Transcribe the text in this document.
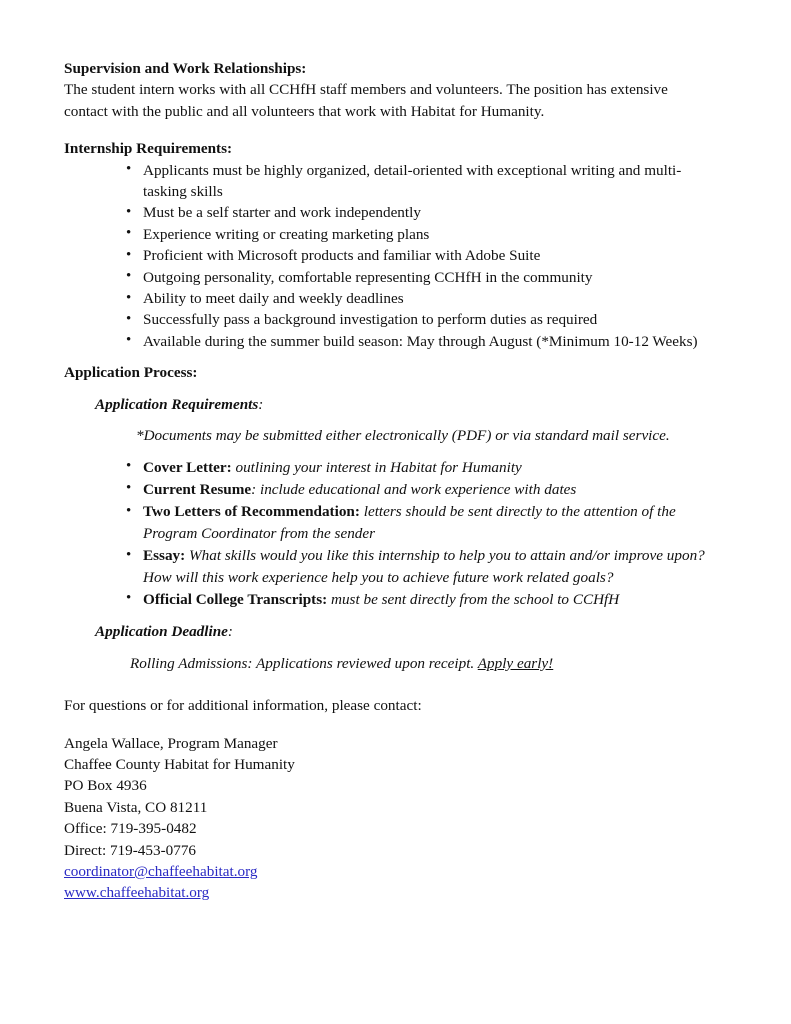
Supervision and Work Relationships:

The student intern works with all CCHfH staff members and volunteers. The position has extensive contact with the public and all volunteers that work with Habitat for Humanity.

Internship Requirements:

• Applicants must be highly organized, detail-oriented with exceptional writing and multi-tasking skills
• Must be a self starter and work independently
• Experience writing or creating marketing plans
• Proficient with Microsoft products and familiar with Adobe Suite
• Outgoing personality, comfortable representing CCHfH in the community
• Ability to meet daily and weekly deadlines
• Successfully pass a background investigation to perform duties as required
• Available during the summer build season: May through August (*Minimum 10-12 Weeks)

Application Process:

Application Requirements:

*Documents may be submitted either electronically (PDF) or via standard mail service.

• Cover Letter: outlining your interest in Habitat for Humanity
• Current Resume: include educational and work experience with dates
• Two Letters of Recommendation: letters should be sent directly to the attention of the Program Coordinator from the sender
• Essay: What skills would you like this internship to help you to attain and/or improve upon? How will this work experience help you to achieve future work related goals?
• Official College Transcripts: must be sent directly from the school to CCHfH

Application Deadline:

Rolling Admissions: Applications reviewed upon receipt. Apply early!

For questions or for additional information, please contact:

Angela Wallace, Program Manager

Chaffee County Habitat for Humanity

PO Box 4936

Buena Vista, CO 81211

Office: 719-395-0482

Direct: 719-453-0776

coordinator@chaffeehabitat.org

www.chaffeehabitat.org
